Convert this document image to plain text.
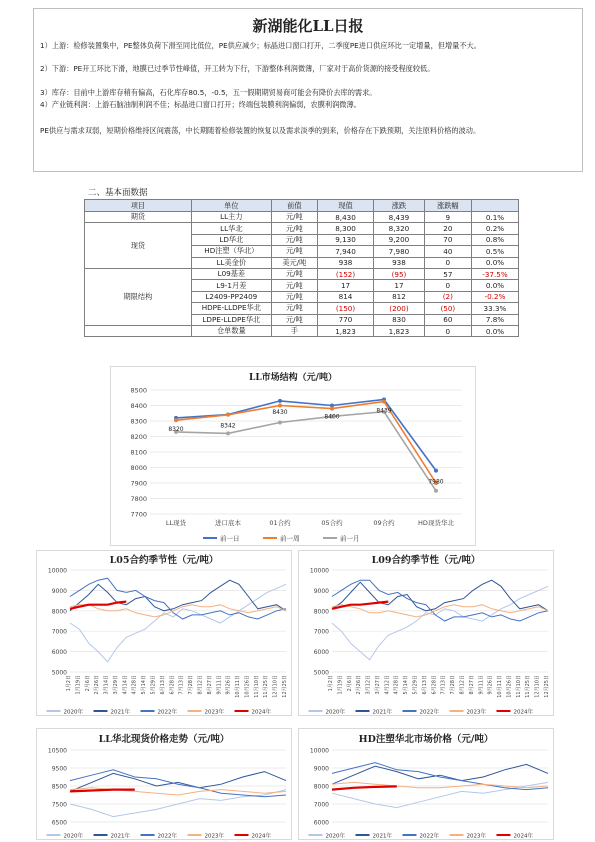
新湖能化LL日报
1）上游：检修装置集中，PE整体负荷下滑至同比低位，PE供应减少；标晶进口窗口打开，二季度PE进口供应环比一定增量，但增量不大。
2）下游：PE开工环比下滑，地膜已过季节性峰值，开工转为下行，下游整体利润微薄，厂家对于高价货源的接受程度较低。
3）库存：目前中上游库存稍有偏高，石化库存80.5，-0.5，五一假期期贸易商可能会有降价去库的需求。
4）产业链利润：上游石脑油制利润不佳；标晶进口窗口打开；终端包装膜利润偏弱，农膜利润微薄。
PE供应与需求双弱，短期价格维持区间震荡，中长期随着检修装置的恢复以及需求淡季的到来，价格存在下跌预期，关注原料价格的波动。
二、基本面数据
项目	单位	前值	现值	涨跌	涨跌幅	
期货	LL主力	元/吨	8,430	8,439	9	0.1%
现货	LL华北	元/吨	8,300	8,320	20	0.2%
	LD华北	元/吨	9,130	9,200	70	0.8%
	HD注塑（华北）	元/吨	7,940	7,980	40	0.5%
	LL美金价	美元/吨	938	938	0	0.0%
期限结构	L09基差	元/吨	(152)	(95)	57	-37.5%
	L9-1月差	元/吨	17	17	0	0.0%
	L2409-PP2409	元/吨	814	812	(2)	-0.2%
	HDPE-LLDPE华北	元/吨	(150)	(200)	(50)	33.3%
	LDPE-LLDPE华北	元/吨	770	830	60	7.8%
	仓单数量	手	1,823	1,823	0	0.0%
LL市场结构（元/吨）
7700
7800
7900
8000
8100
8200
8300
8400
8500
LL现货	进口底本	01合约	05合约	09合约	HD现货华北
8320	8342
8430
8400
8439
7980
前一日	前一周	前一月
L05合约季节性（元/吨）
5000
6000
7000
8000
9000
10000
1月2日 1月19日 2月6日 2月26日 3月14日 3月29日 4月14日 4月28日 5月14日 5月29日 6月13日 6月28日 7月13日 7月28日 8月12日 8月27日 9月11日 9月26日 10月11日 10月26日 11月10日 11月25日 12月10日 12月25日
2020年	2021年	2022年	2023年	2024年
L09合约季节性（元/吨）
5000
6000
7000
8000
9000
10000
1月2日 1月19日 2月6日 2月26日 3月12日 3月27日 4月12日 4月28日 5月14日 5月29日 6月13日 6月28日 7月13日 7月28日 8月12日 8月27日 9月11日 9月26日 10月11日 10月26日 11月10日 11月25日 12月10日 12月25日
2020年	2021年	2022年	2023年	2024年
LL华北现货价格走势（元/吨）
6500
7500
8500
9500
10500
2020年	2021年	2022年	2023年	2024年
HD注塑华北市场价格（元/吨）
6000
7000
8000
9000
10000
2020年	2021年	2022年	2023年	2024年
